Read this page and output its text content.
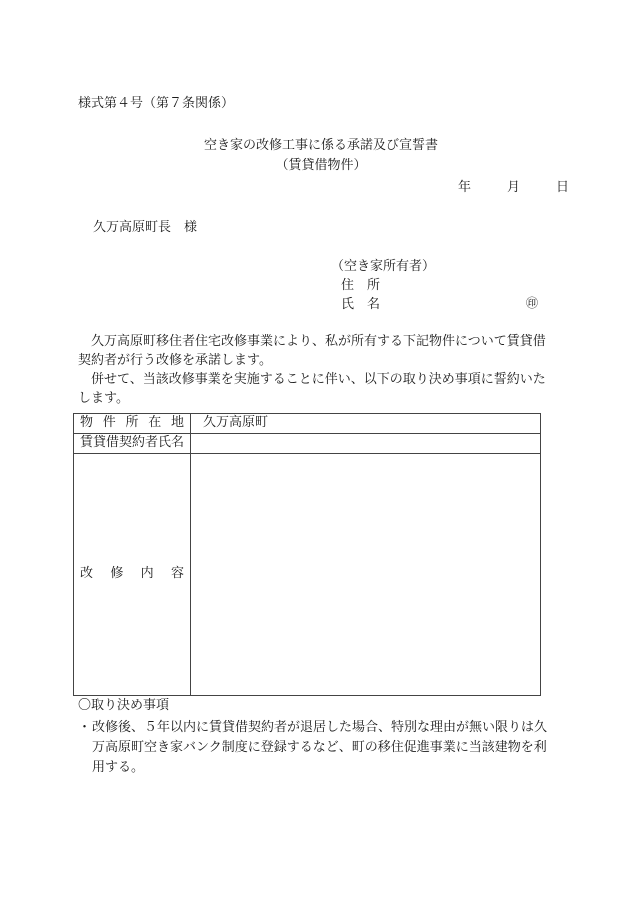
様式第４号（第７条関係）
空き家の改修工事に係る承諾及び宣誓書
（賃貸借物件）
年	月	日
久万高原町長　様
（空き家所有者）
住　所
氏　名	㊞

久万高原町移住者住宅改修事業により、私が所有する下記物件について賃貸借契約者が行う改修を承諾します。

併せて、当該改修事業を実施することに伴い、以下の取り決め事項に誓約いたします。

物 件 所 在 地	久万高原町
賃貸借契約者氏名	

改 修 内 容	

〇取り決め事項
・ 改修後、５年以内に賃貸借契約者が退居した場合、特別な理由が無い限りは久万高原町空き家バンク制度に登録するなど、町の移住促進事業に当該建物を利用する。
